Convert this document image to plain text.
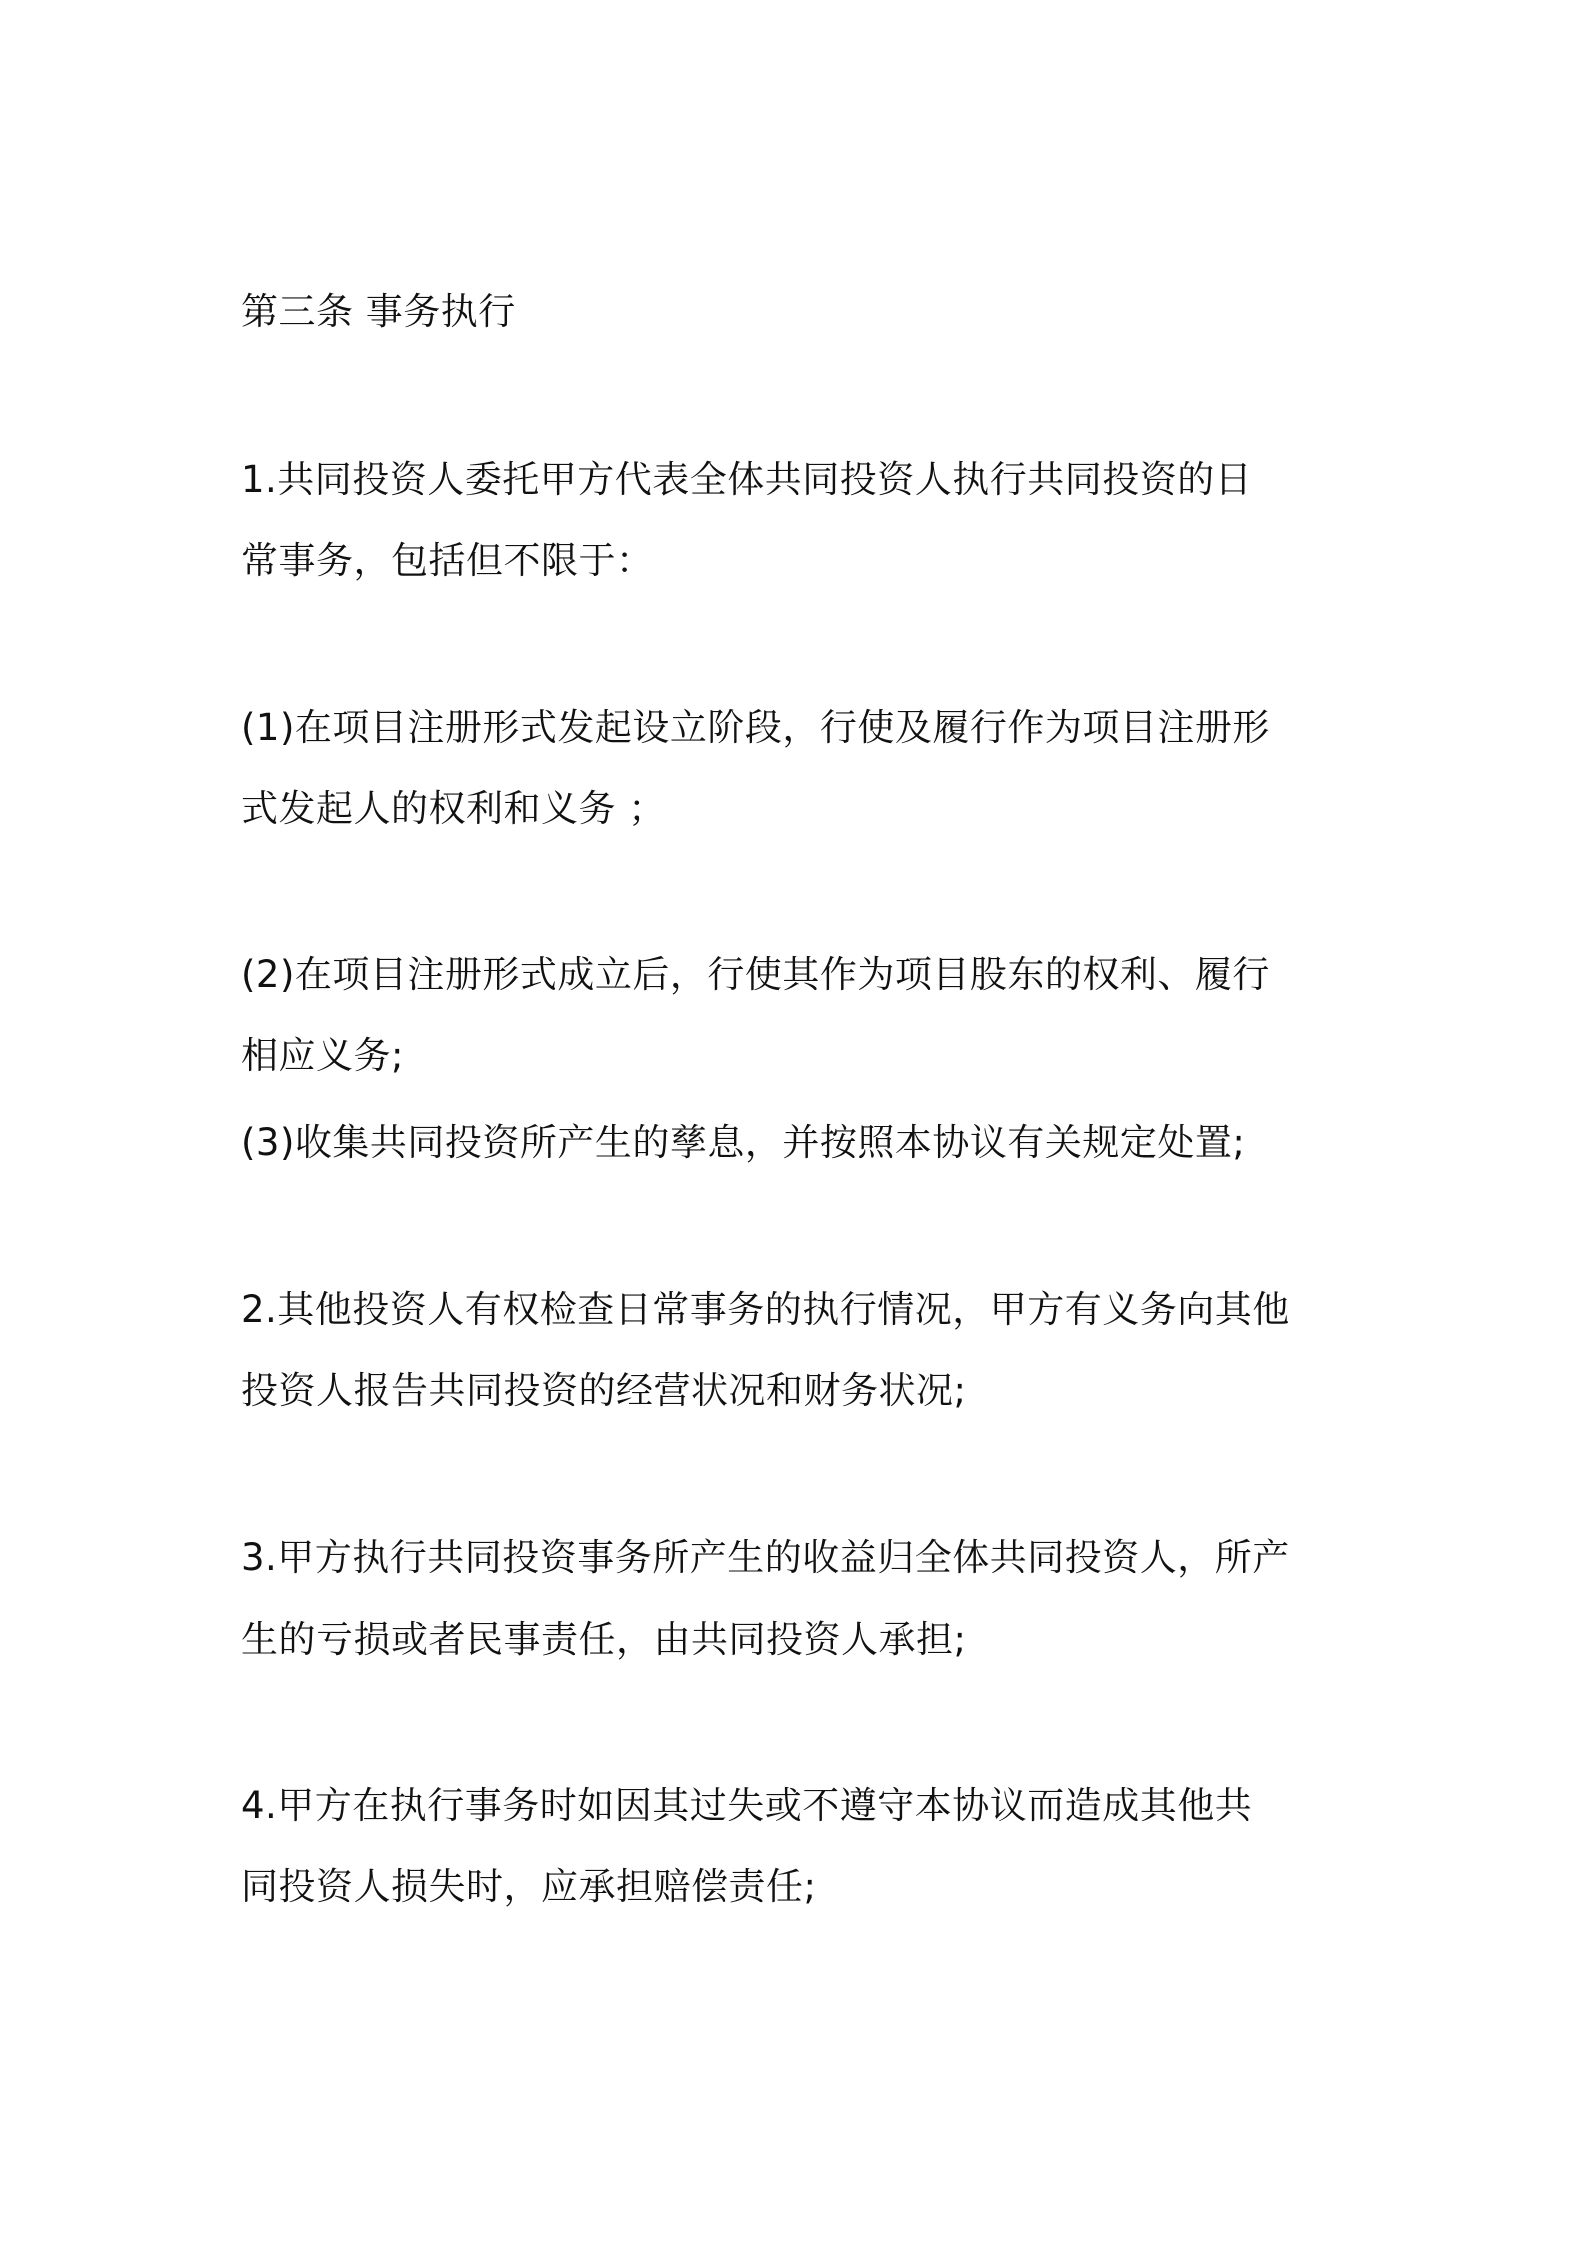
第三条 事务执行
1.共同投资人委托甲方代表全体共同投资人执行共同投资的日
常事务，包括但不限于：
(1)在项目注册形式发起设立阶段，行使及履行作为项目注册形
式发起人的权利和义务 ；
(2)在项目注册形式成立后，行使其作为项目股东的权利、履行
相应义务;
(3)收集共同投资所产生的孳息，并按照本协议有关规定处置;
2.其他投资人有权检查日常事务的执行情况，甲方有义务向其他
投资人报告共同投资的经营状况和财务状况;
3.甲方执行共同投资事务所产生的收益归全体共同投资人，所产
生的亏损或者民事责任，由共同投资人承担;
4.甲方在执行事务时如因其过失或不遵守本协议而造成其他共
同投资人损失时，应承担赔偿责任;
